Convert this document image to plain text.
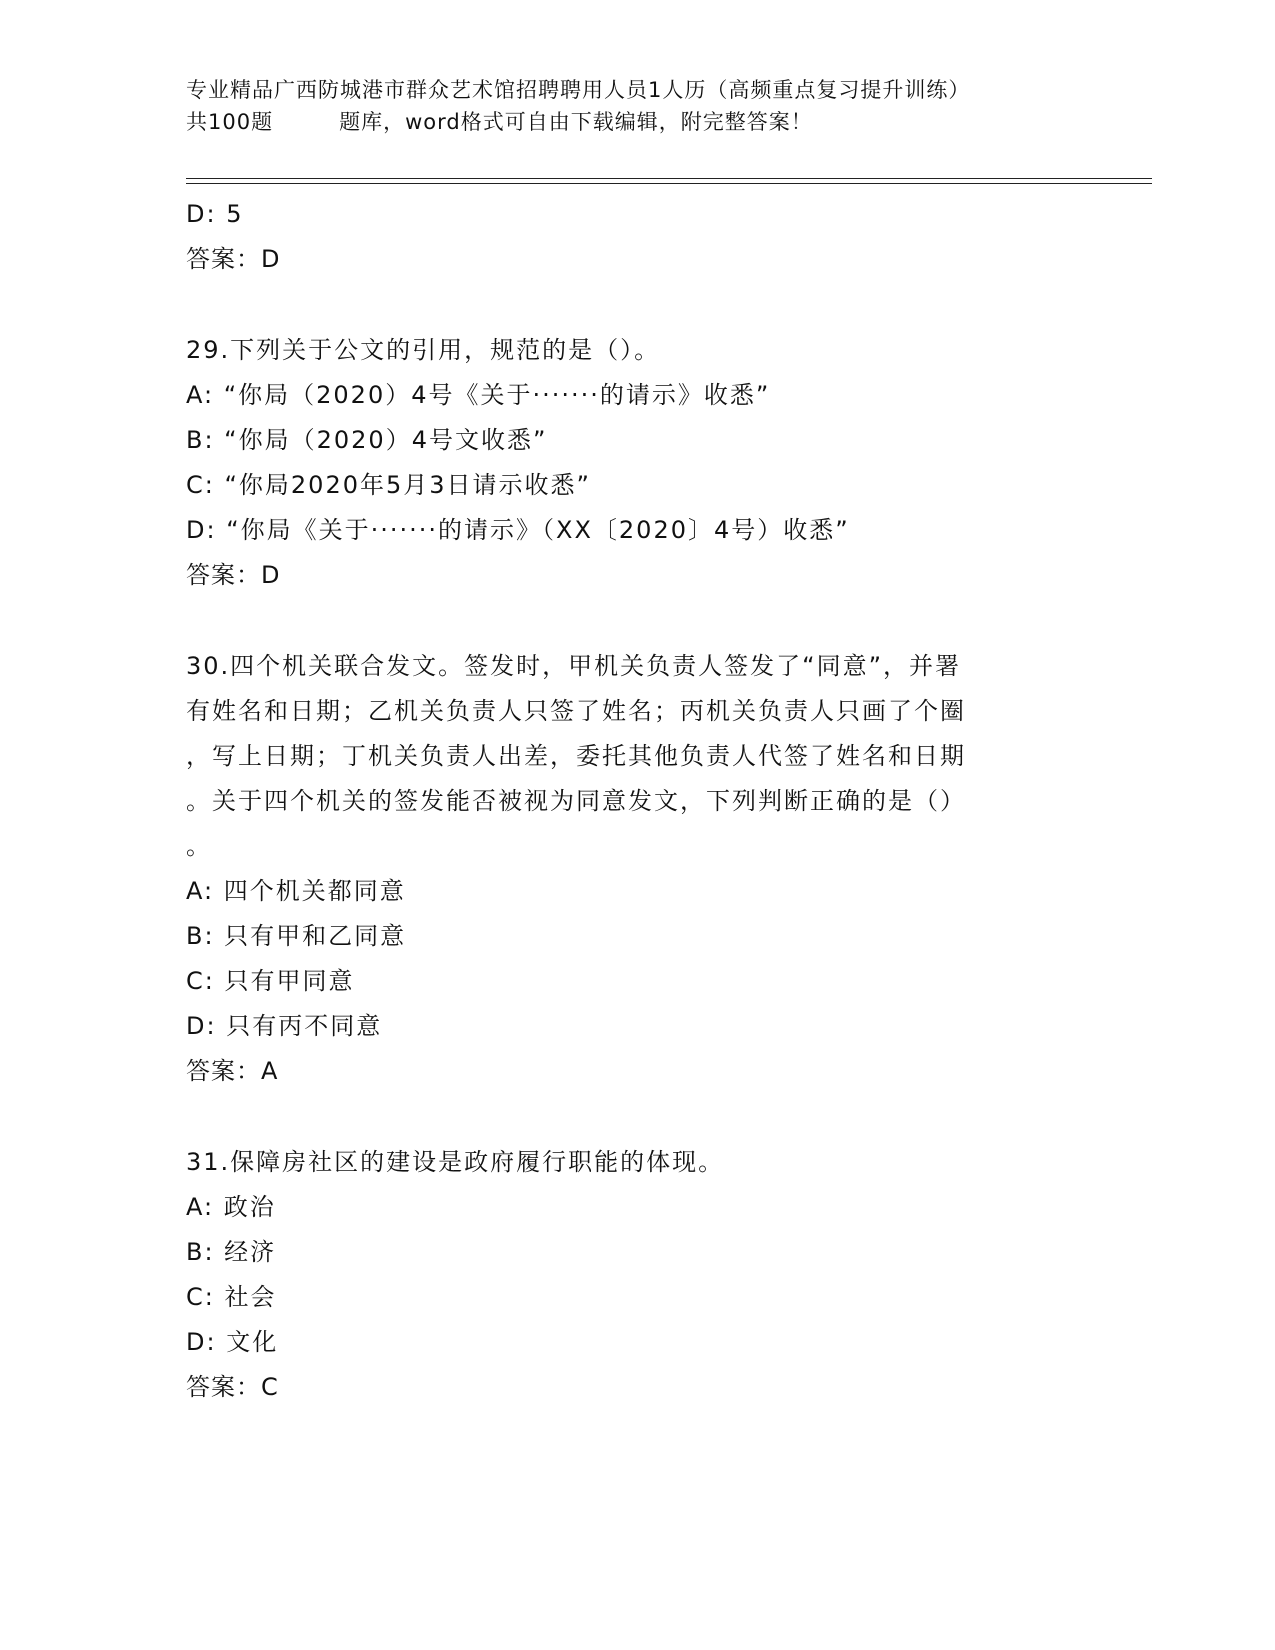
专业精品广西防城港市群众艺术馆招聘聘用人员1人历（高频重点复习提升训练）
共100题	题库，word格式可自由下载编辑，附完整答案！
D: 5
答案：D
29.下列关于公文的引用，规范的是（）。
A: “你局（2020）4号《关于·······的请示》收悉”
B: “你局（2020）4号文收悉”
C: “你局2020年5月3日请示收悉”
D: “你局《关于·······的请示》（XX〔2020〕4号）收悉”
答案：D
30.四个机关联合发文。签发时，甲机关负责人签发了“同意”，并署
有姓名和日期；乙机关负责人只签了姓名；丙机关负责人只画了个圈
，写上日期；丁机关负责人出差，委托其他负责人代签了姓名和日期
。关于四个机关的签发能否被视为同意发文，下列判断正确的是（）
。
A: 四个机关都同意
B: 只有甲和乙同意
C: 只有甲同意
D: 只有丙不同意
答案：A
31.保障房社区的建设是政府履行职能的体现。
A: 政治
B: 经济
C: 社会
D: 文化
答案：C
